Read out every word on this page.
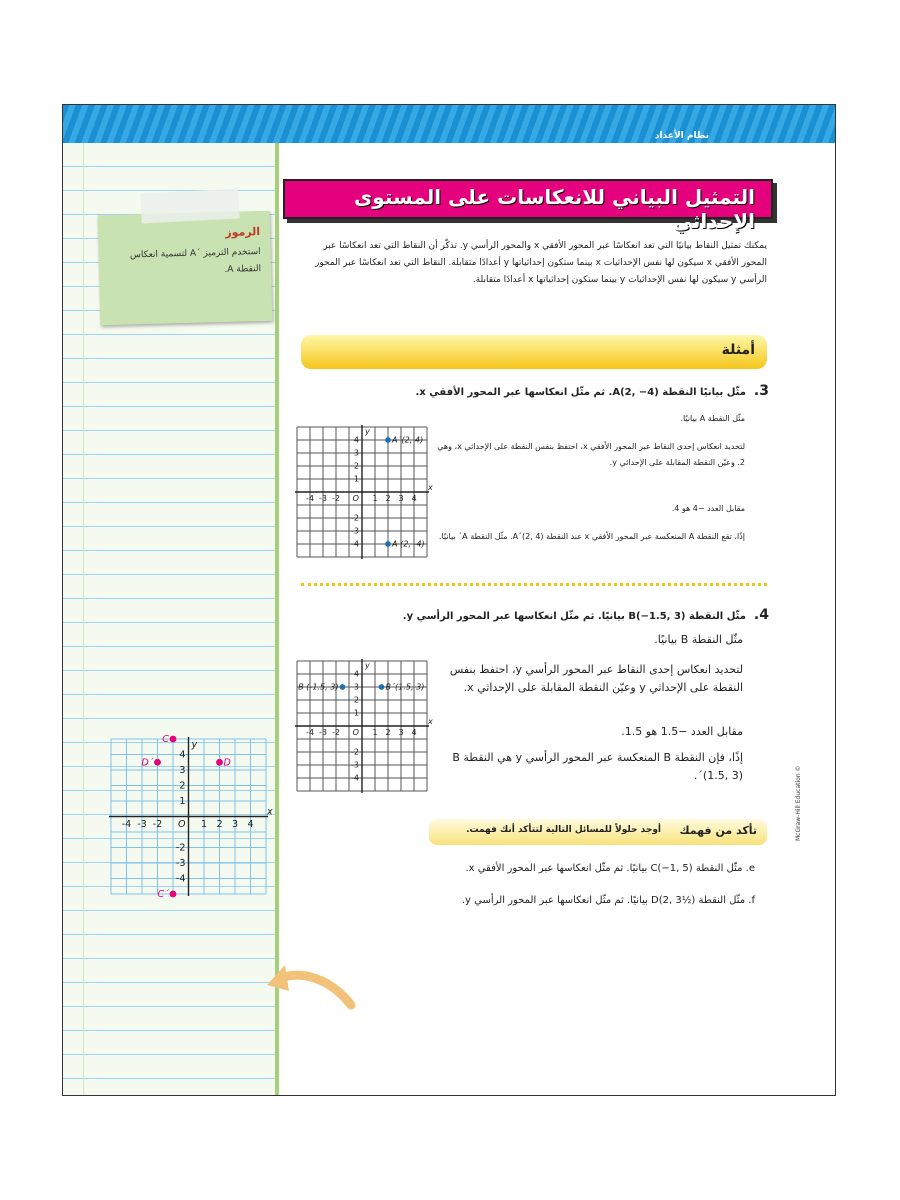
نظام الأعداد
الرموز
استخدم الترميز ´A لتسمية انعكاس النقطة A.
التمثيل البياني للانعكاسات على المستوى الإحداثي
يمكنك تمثيل النقاط بيانيًا التي تعد انعكاسًا عبر المحور الأفقي x والمحور الرأسي y. تذكّر أن النقاط التي تعد انعكاسًا عبر المحور الأفقي x سيكون لها نفس الإحداثيات x بينما ستكون إحداثياتها y أعدادًا متقابلة. النقاط التي تعد انعكاسًا عبر المحور الرأسي y سيكون لها نفس الإحداثيات y بينما ستكون إحداثياتها x أعدادًا متقابلة.
أمثلة
3.مثّل بيانيًا النقطة A(2, −4). ثم مثّل انعكاسها عبر المحور الأفقي x.
مثّل النقطة A بيانيًا.
لتحديد انعكاس إحدى النقاط عبر المحور الأفقي x، احتفظ بنفس النقطة على الإحداثي x، وهي 2. وعيّن النقطة المقابلة على الإحداثي y.
مقابل العدد −4 هو 4.
إذًا، تقع النقطة A المنعكسة عبر المحور الأفقي x عند النقطة A´(2, 4). مثّل النقطة A´ بيانيًا.
-4 -3 -2	1 2 3 4
4
3
2
1
-2
-3
-4
O
x
y
A´(2, 4)
A (2, -4)
4.مثّل النقطة B(−1.5, 3) بيانيًا. ثم مثّل انعكاسها عبر المحور الرأسي y.
مثّل النقطة B بيانيًا.
لتحديد انعكاس إحدى النقاط عبر المحور الرأسي y، احتفظ بنفس النقطة على الإحداثي y وعيّن النقطة المقابلة على الإحداثي x.
مقابل العدد −1.5 هو 1.5.
إذًا، فإن النقطة B المنعكسة عبر المحور الرأسي y هي النقطة B´(1.5, 3).
-4 -3 -2	1 2 3 4
4
3
2
1
-2
-3
-4
O
x
y
B (-1.5, 3)	B´(1.5, 3)
تأكد من فهمك
أوجد حلولاً للمسائل التالية لتتأكد أنك فهمت.
e. مثّل النقطة C(−1, 5) بيانيًا. ثم مثّل انعكاسها عبر المحور الأفقي x.
f. مثّل النقطة D(2, 3½) بيانيًا. ثم مثّل انعكاسها عبر المحور الرأسي y.
-4 -3 -2	1 2 3 4
4
3
2
1
-2
-3
-4
O
x
y
C
C´
D´	D
McGraw-Hill Education ©
